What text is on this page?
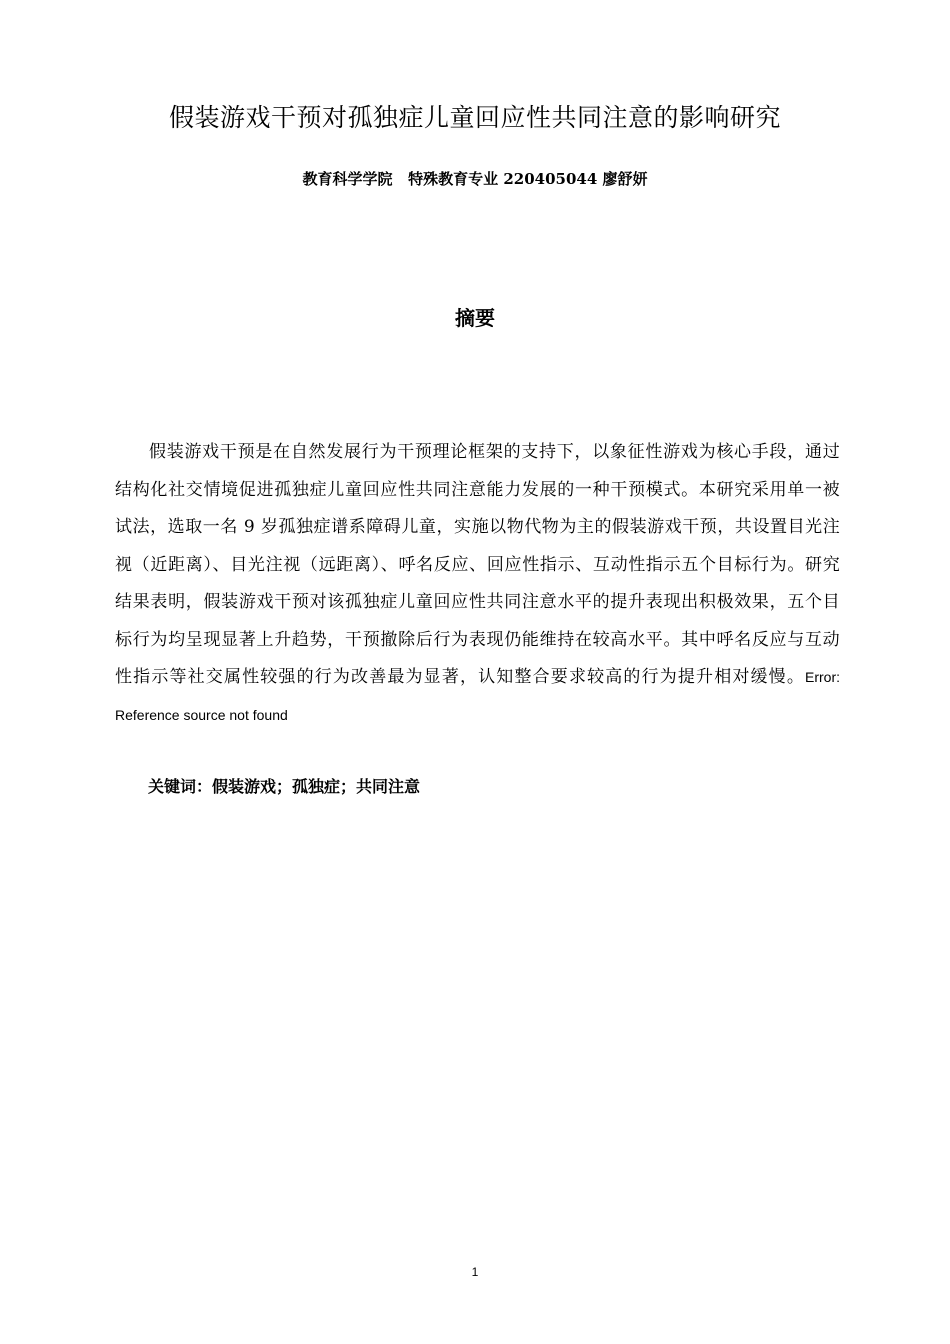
假装游戏干预对孤独症儿童回应性共同注意的影响研究
教育科学学院   特殊教育专业 220405044 廖舒妍
摘要

假装游戏干预是在自然发展行为干预理论框架的支持下，以象征性游戏为核心手段，通过结构化社交情境促进孤独症儿童回应性共同注意能力发展的一种干预模式。本研究采用单一被试法，选取一名 9 岁孤独症谱系障碍儿童，实施以物代物为主的假装游戏干预，共设置目光注视（近距离）、目光注视（远距离）、呼名反应、回应性指示、互动性指示五个目标行为。研究结果表明，假装游戏干预对该孤独症儿童回应性共同注意水平的提升表现出积极效果，五个目标行为均呈现显著上升趋势，干预撤除后行为表现仍能维持在较高水平。其中呼名反应与互动性指示等社交属性较强的行为改善最为显著，认知整合要求较高的行为提升相对缓慢。Error: Reference source not found

关键词：假装游戏；孤独症；共同注意
1
